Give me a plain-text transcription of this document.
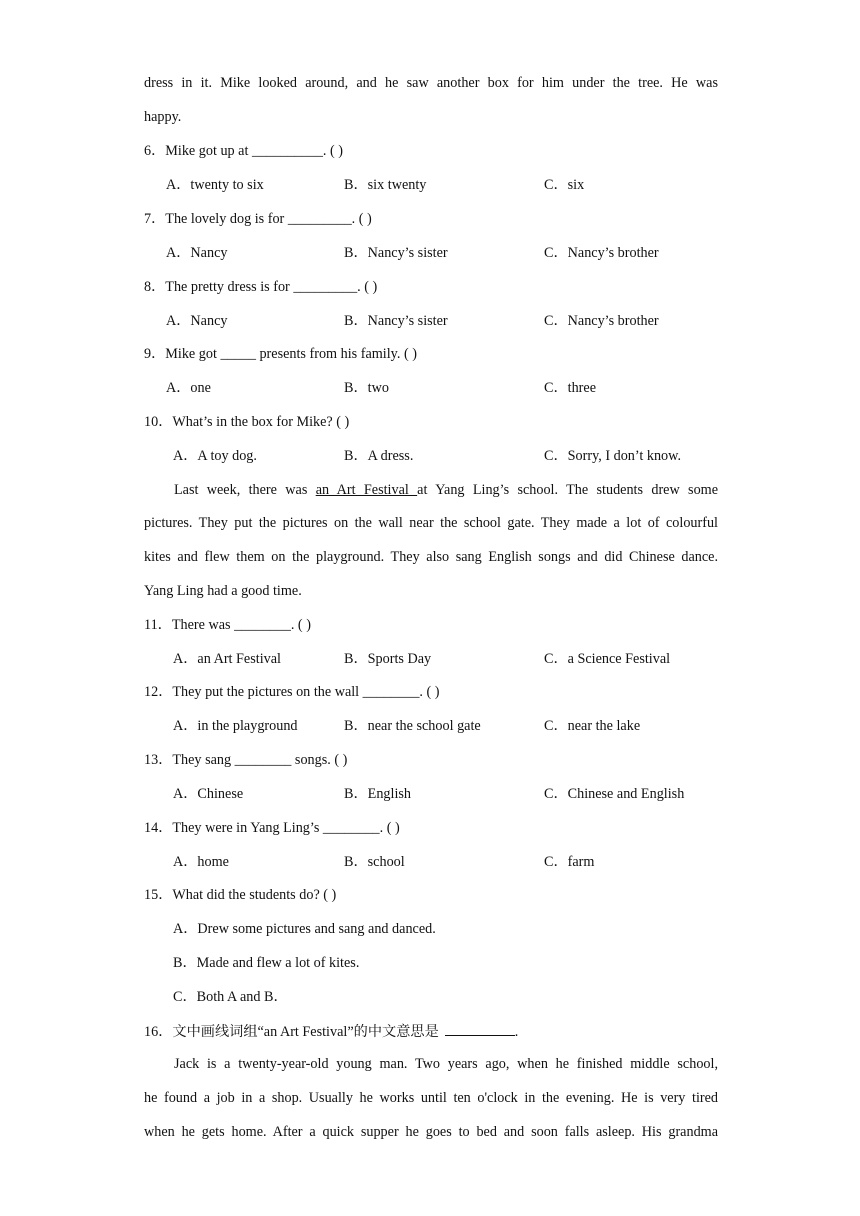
dress in it. Mike looked around, and he saw another box for him under the tree. He was
happy.
6．Mike got up at __________. ( )
A．twenty to six	B．six twenty	C．six
7．The lovely dog is for _________. ( )
A．Nancy	B．Nancy’s sister	C．Nancy’s brother
8．The pretty dress is for _________. ( )
A．Nancy	B．Nancy’s sister	C．Nancy’s brother
9．Mike got _____ presents from his family. ( )
A．one	B．two	C．three
10．What’s in the box for Mike? ( )
A．A toy dog.	B．A dress.	C．Sorry, I don’t know.
Last week, there was an Art Festival at Yang Ling’s school. The students drew some
pictures. They put the pictures on the wall near the school gate. They made a lot of colourful
kites and flew them on the playground. They also sang English songs and did Chinese dance.
Yang Ling had a good time.
11．There was ________. ( )
A．an Art Festival	B．Sports Day	C．a Science Festival
12．They put the pictures on the wall ________. ( )
A．in the playground	B．near the school gate	C．near the lake
13．They sang ________ songs. ( )
A．Chinese	B．English	C．Chinese and English
14．They were in Yang Ling’s ________. ( )
A．home	B．school	C．farm
15．What did the students do? ( )
A．Drew some pictures and sang and danced.
B．Made and flew a lot of kites.
C．Both A and B．
16．文中画线词组“an Art Festival”的中文意思是	.
Jack is a twenty-year-old young man. Two years ago, when he finished middle school,
he found a job in a shop. Usually he works until ten o'clock in the evening. He is very tired
when he gets home. After a quick supper he goes to bed and soon falls asleep. His grandma
